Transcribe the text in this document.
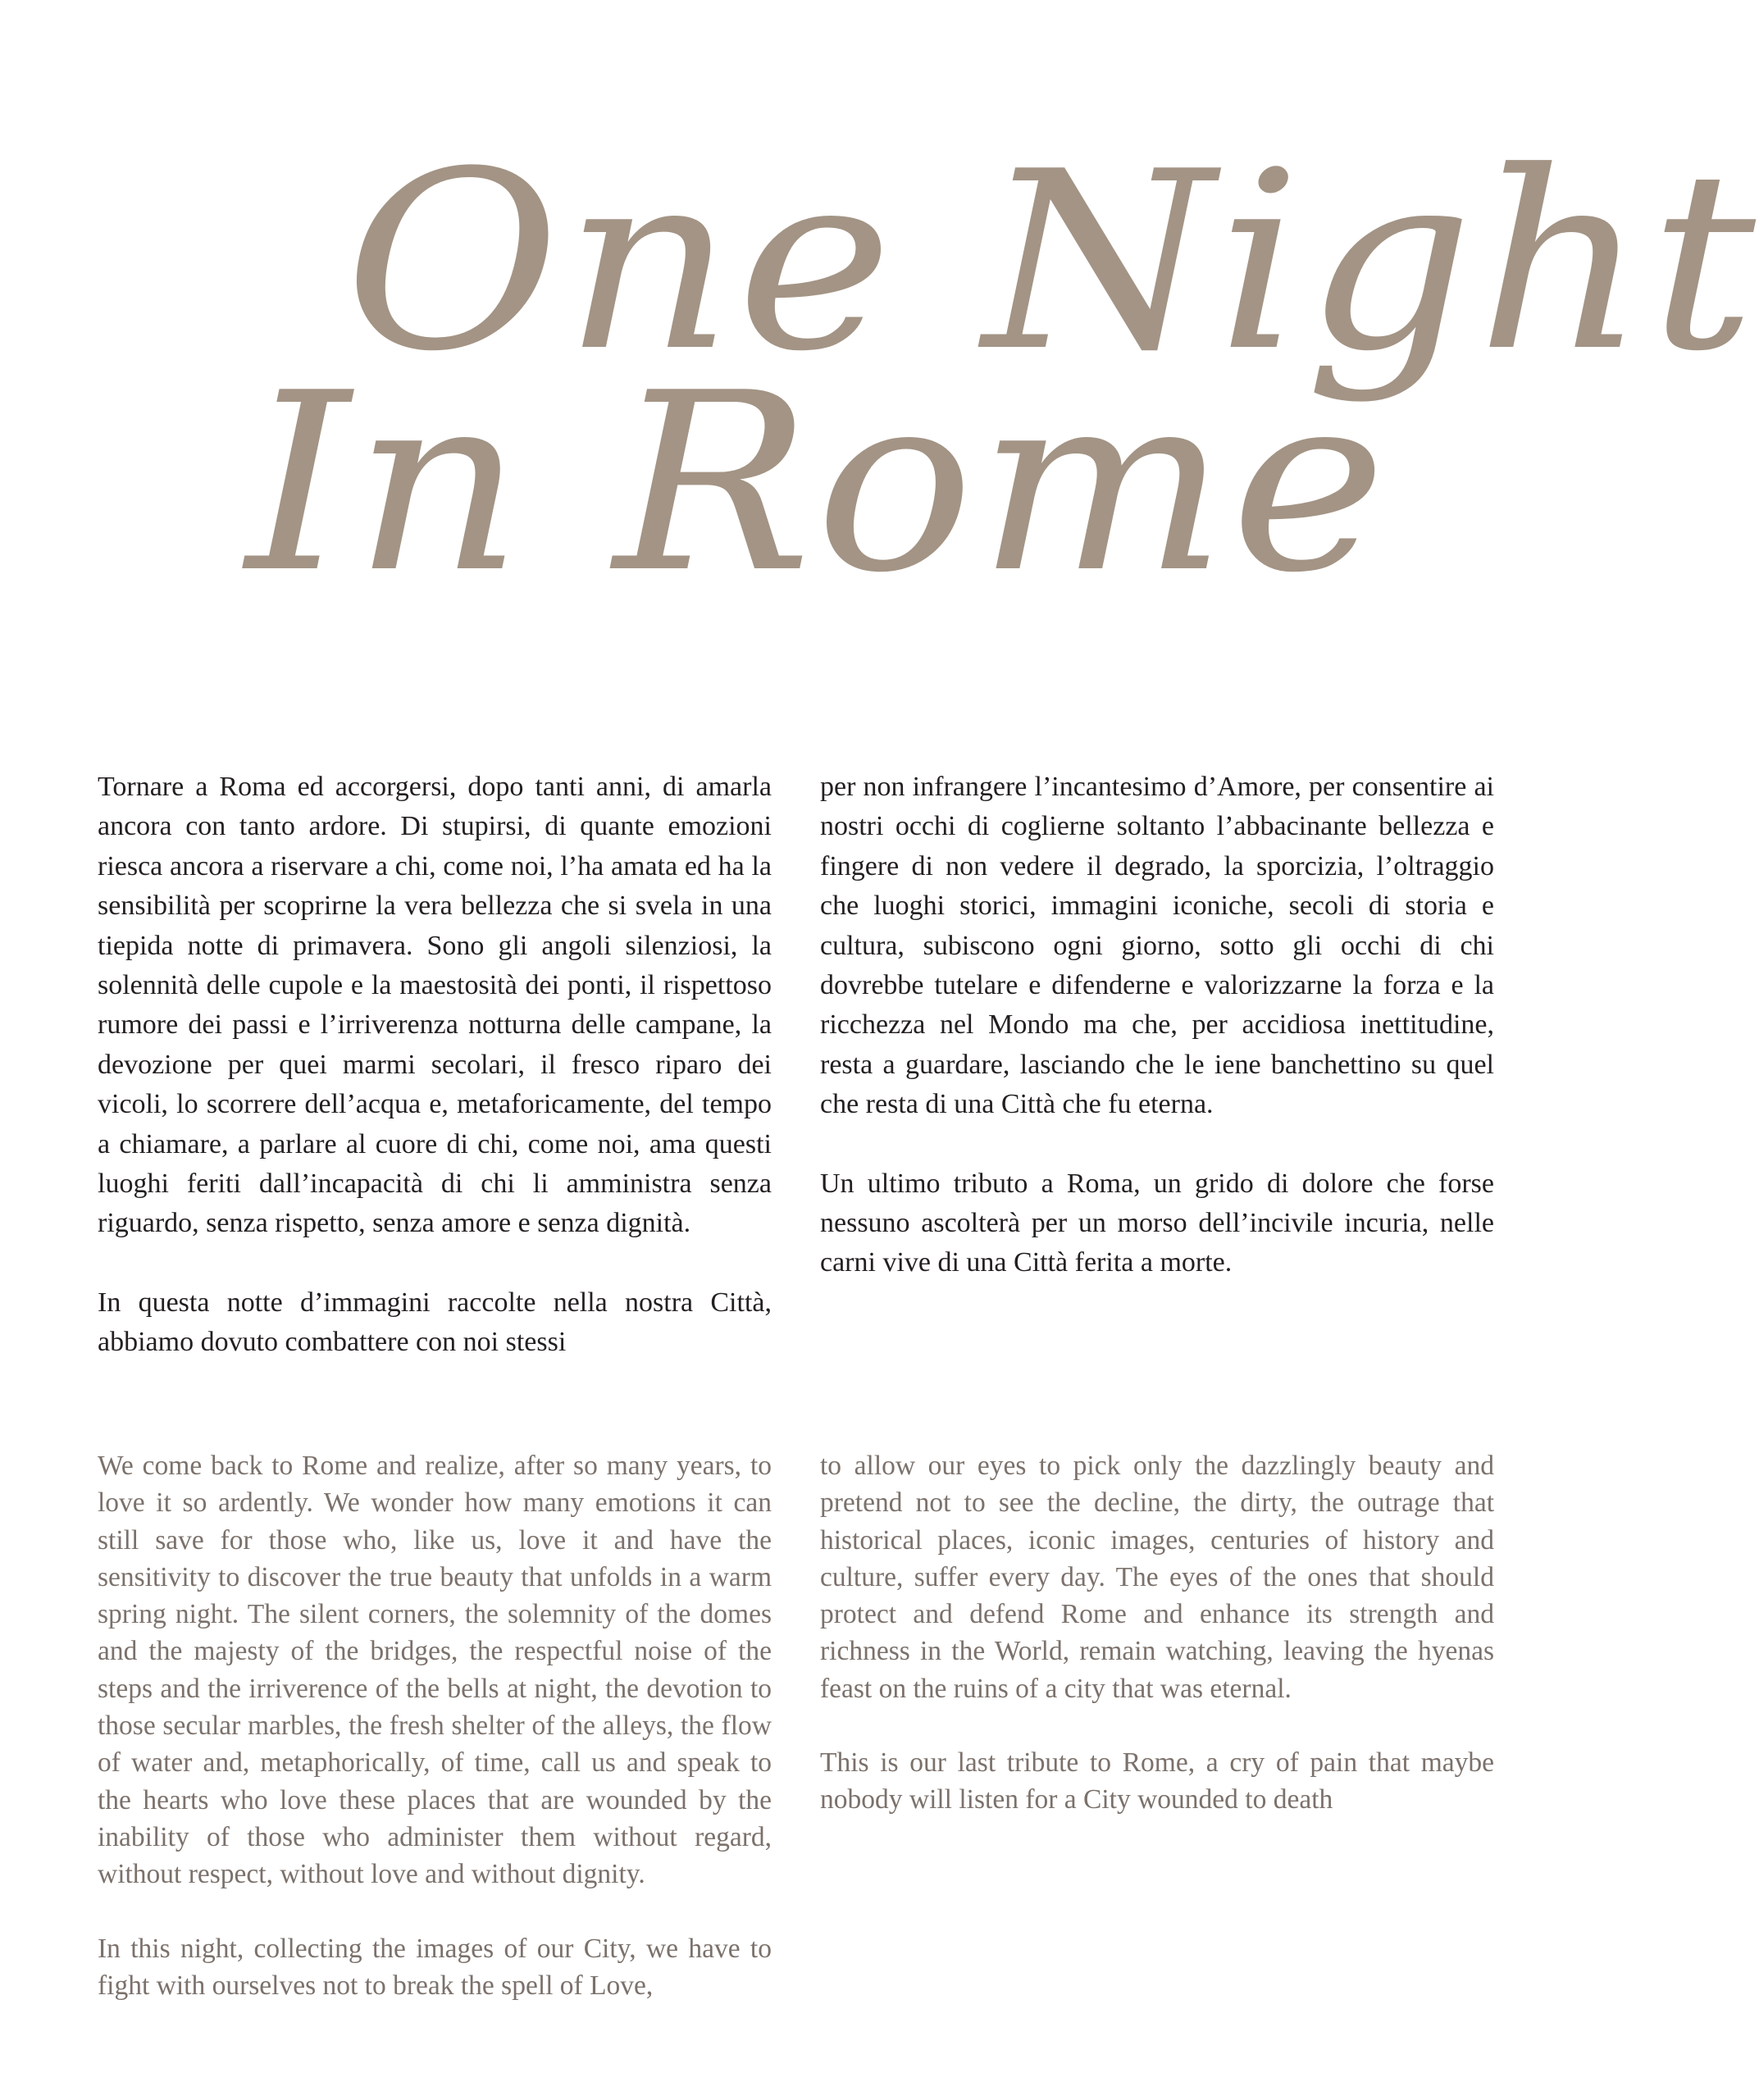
One Night
In Rome

Tornare a Roma ed accorgersi, dopo tanti anni, di amarla ancora con tanto ardore. Di stupirsi, di quante emozioni riesca ancora a riservare a chi, come noi, l’ha amata ed ha la sensibilità per scoprirne la vera bellezza che si svela in una tiepida notte di primavera. Sono gli angoli silenziosi, la solennità delle cupole e la maestosità dei ponti, il rispettoso rumore dei passi e l’irriverenza notturna delle campane, la devozione per quei marmi secolari, il fresco riparo dei vicoli, lo scorrere dell’acqua e, metaforicamente, del tempo a chiamare, a parlare al cuore di chi, come noi, ama questi luoghi feriti dall’incapacità di chi li amministra senza riguardo, senza rispetto, senza amore e senza dignità.

In questa notte d’immagini raccolte nella nostra Città, abbiamo dovuto combattere con noi stessi

per non infrangere l’incantesimo d’Amore, per consentire ai nostri occhi di coglierne soltanto l’abbacinante bellezza e fingere di non vedere il degrado, la sporcizia, l’oltraggio che luoghi storici, immagini iconiche, secoli di storia e cultura, subiscono ogni giorno, sotto gli occhi di chi dovrebbe tutelare e difenderne e valorizzarne la forza e la ricchezza nel Mondo ma che, per accidiosa inettitudine, resta a guardare, lasciando che le iene banchettino su quel che resta di una Città che fu eterna.

Un ultimo tributo a Roma, un grido di dolore che forse nessuno ascolterà per un morso dell’incivile incuria, nelle carni vive di una Città ferita a morte.

We come back to Rome and realize, after so many years, to love it so ardently. We wonder how many emotions it can still save for those who, like us, love it and have the sensitivity to discover the true beauty that unfolds in a warm spring night. The silent corners, the solemnity of the domes and the majesty of the bridges, the respectful noise of the steps and the irriverence of the bells at night, the devotion to those secular marbles, the fresh shelter of the alleys, the flow of water and, metaphorically, of time, call us and speak to the hearts who love these places that are wounded by the inability of those who administer them without regard, without respect, without love and without dignity.

In this night, collecting the images of our City, we have to fight with ourselves not to break the spell of Love,

to allow our eyes to pick only the dazzlingly beauty and pretend not to see the decline, the dirty, the outrage that historical places, iconic images, centuries of history and culture, suffer every day. The eyes of the ones that should protect and defend Rome and enhance its strength and richness in the World, remain watching, leaving the hyenas feast on the ruins of a city that was eternal.

This is our last tribute to Rome, a cry of pain that maybe nobody will listen for a City wounded to death
